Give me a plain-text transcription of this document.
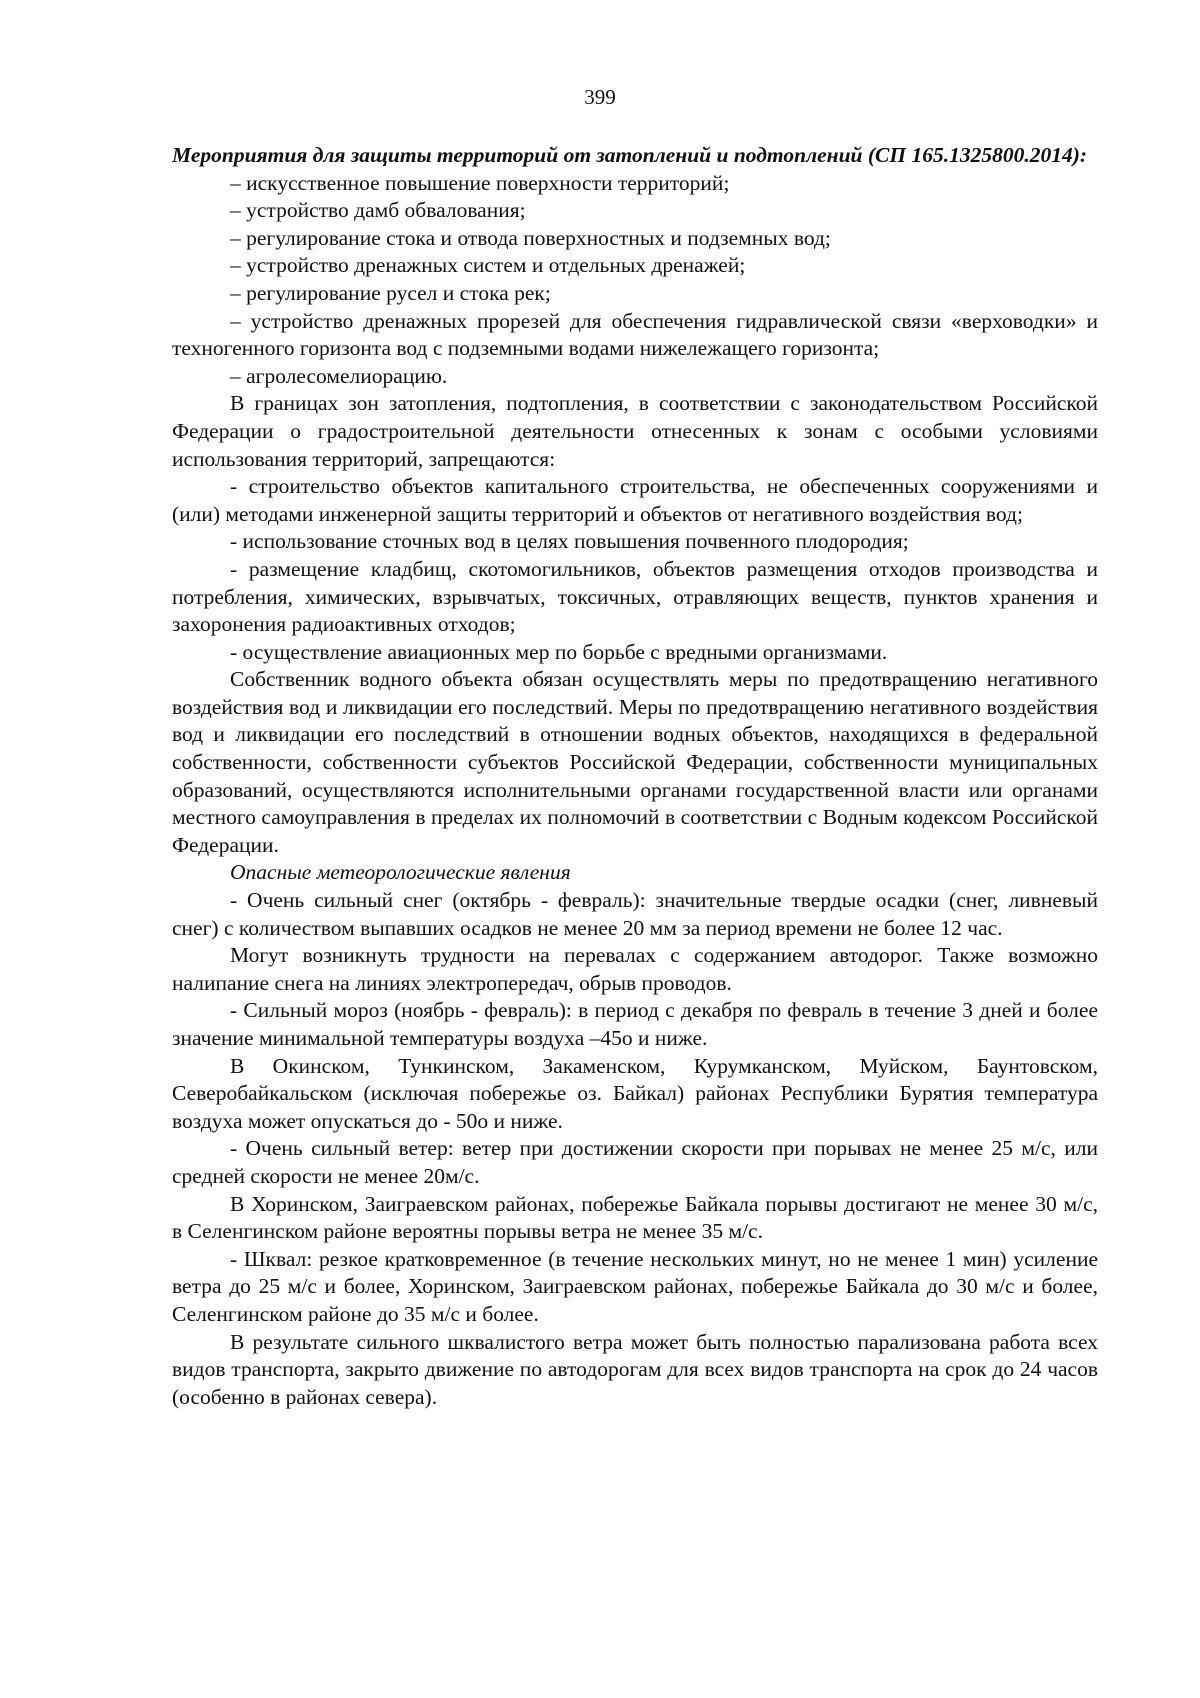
399

Мероприятия для защиты территорий от затоплений и подтоплений (СП 165.1325800.2014):

– искусственное повышение поверхности территорий;

– устройство дамб обвалования;

– регулирование стока и отвода поверхностных и подземных вод;

– устройство дренажных систем и отдельных дренажей;

– регулирование русел и стока рек;

– устройство дренажных прорезей для обеспечения гидравлической связи «верховодки» и техногенного горизонта вод с подземными водами нижележащего горизонта;

– агролесомелиорацию.

В границах зон затопления, подтопления, в соответствии с законодательством Российской Федерации о градостроительной деятельности отнесенных к зонам с особыми условиями использования территорий, запрещаются:

- строительство объектов капитального строительства, не обеспеченных сооружениями и (или) методами инженерной защиты территорий и объектов от негативного воздействия вод;

- использование сточных вод в целях повышения почвенного плодородия;

- размещение кладбищ, скотомогильников, объектов размещения отходов производства и потребления, химических, взрывчатых, токсичных, отравляющих веществ, пунктов хранения и захоронения радиоактивных отходов;

- осуществление авиационных мер по борьбе с вредными организмами.

Собственник водного объекта обязан осуществлять меры по предотвращению негативного воздействия вод и ликвидации его последствий. Меры по предотвращению негативного воздействия вод и ликвидации его последствий в отношении водных объектов, находящихся в федеральной собственности, собственности субъектов Российской Федерации, собственности муниципальных образований, осуществляются исполнительными органами государственной власти или органами местного самоуправления в пределах их полномочий в соответствии с Водным кодексом Российской Федерации.

Опасные метеорологические явления

- Очень сильный снег (октябрь - февраль): значительные твердые осадки (снег, ливневый снег) с количеством выпавших осадков не менее 20 мм за период времени не более 12 час.

Могут возникнуть трудности на перевалах с содержанием автодорог. Также возможно налипание снега на линиях электропередач, обрыв проводов.

- Сильный мороз (ноябрь - февраль): в период с декабря по февраль в течение 3 дней и более значение минимальной температуры воздуха –45о и ниже.

В Окинском, Тункинском, Закаменском, Курумканском, Муйском, Баунтовском, Северобайкальском (исключая побережье оз. Байкал) районах Республики Бурятия температура воздуха может опускаться до - 50о и ниже.

- Очень сильный ветер: ветер при достижении скорости при порывах не менее 25 м/с, или средней скорости не менее 20м/с.

В Хоринском, Заиграевском районах, побережье Байкала порывы достигают не менее 30 м/с, в Селенгинском районе вероятны порывы ветра не менее 35 м/с.

- Шквал: резкое кратковременное (в течение нескольких минут, но не менее 1 мин) усиление ветра до 25 м/с и более, Хоринском, Заиграевском районах, побережье Байкала до 30 м/с и более, Селенгинском районе до 35 м/с и более.

В результате сильного шквалистого ветра может быть полностью парализована работа всех видов транспорта, закрыто движение по автодорогам для всех видов транспорта на срок до 24 часов (особенно в районах севера).
